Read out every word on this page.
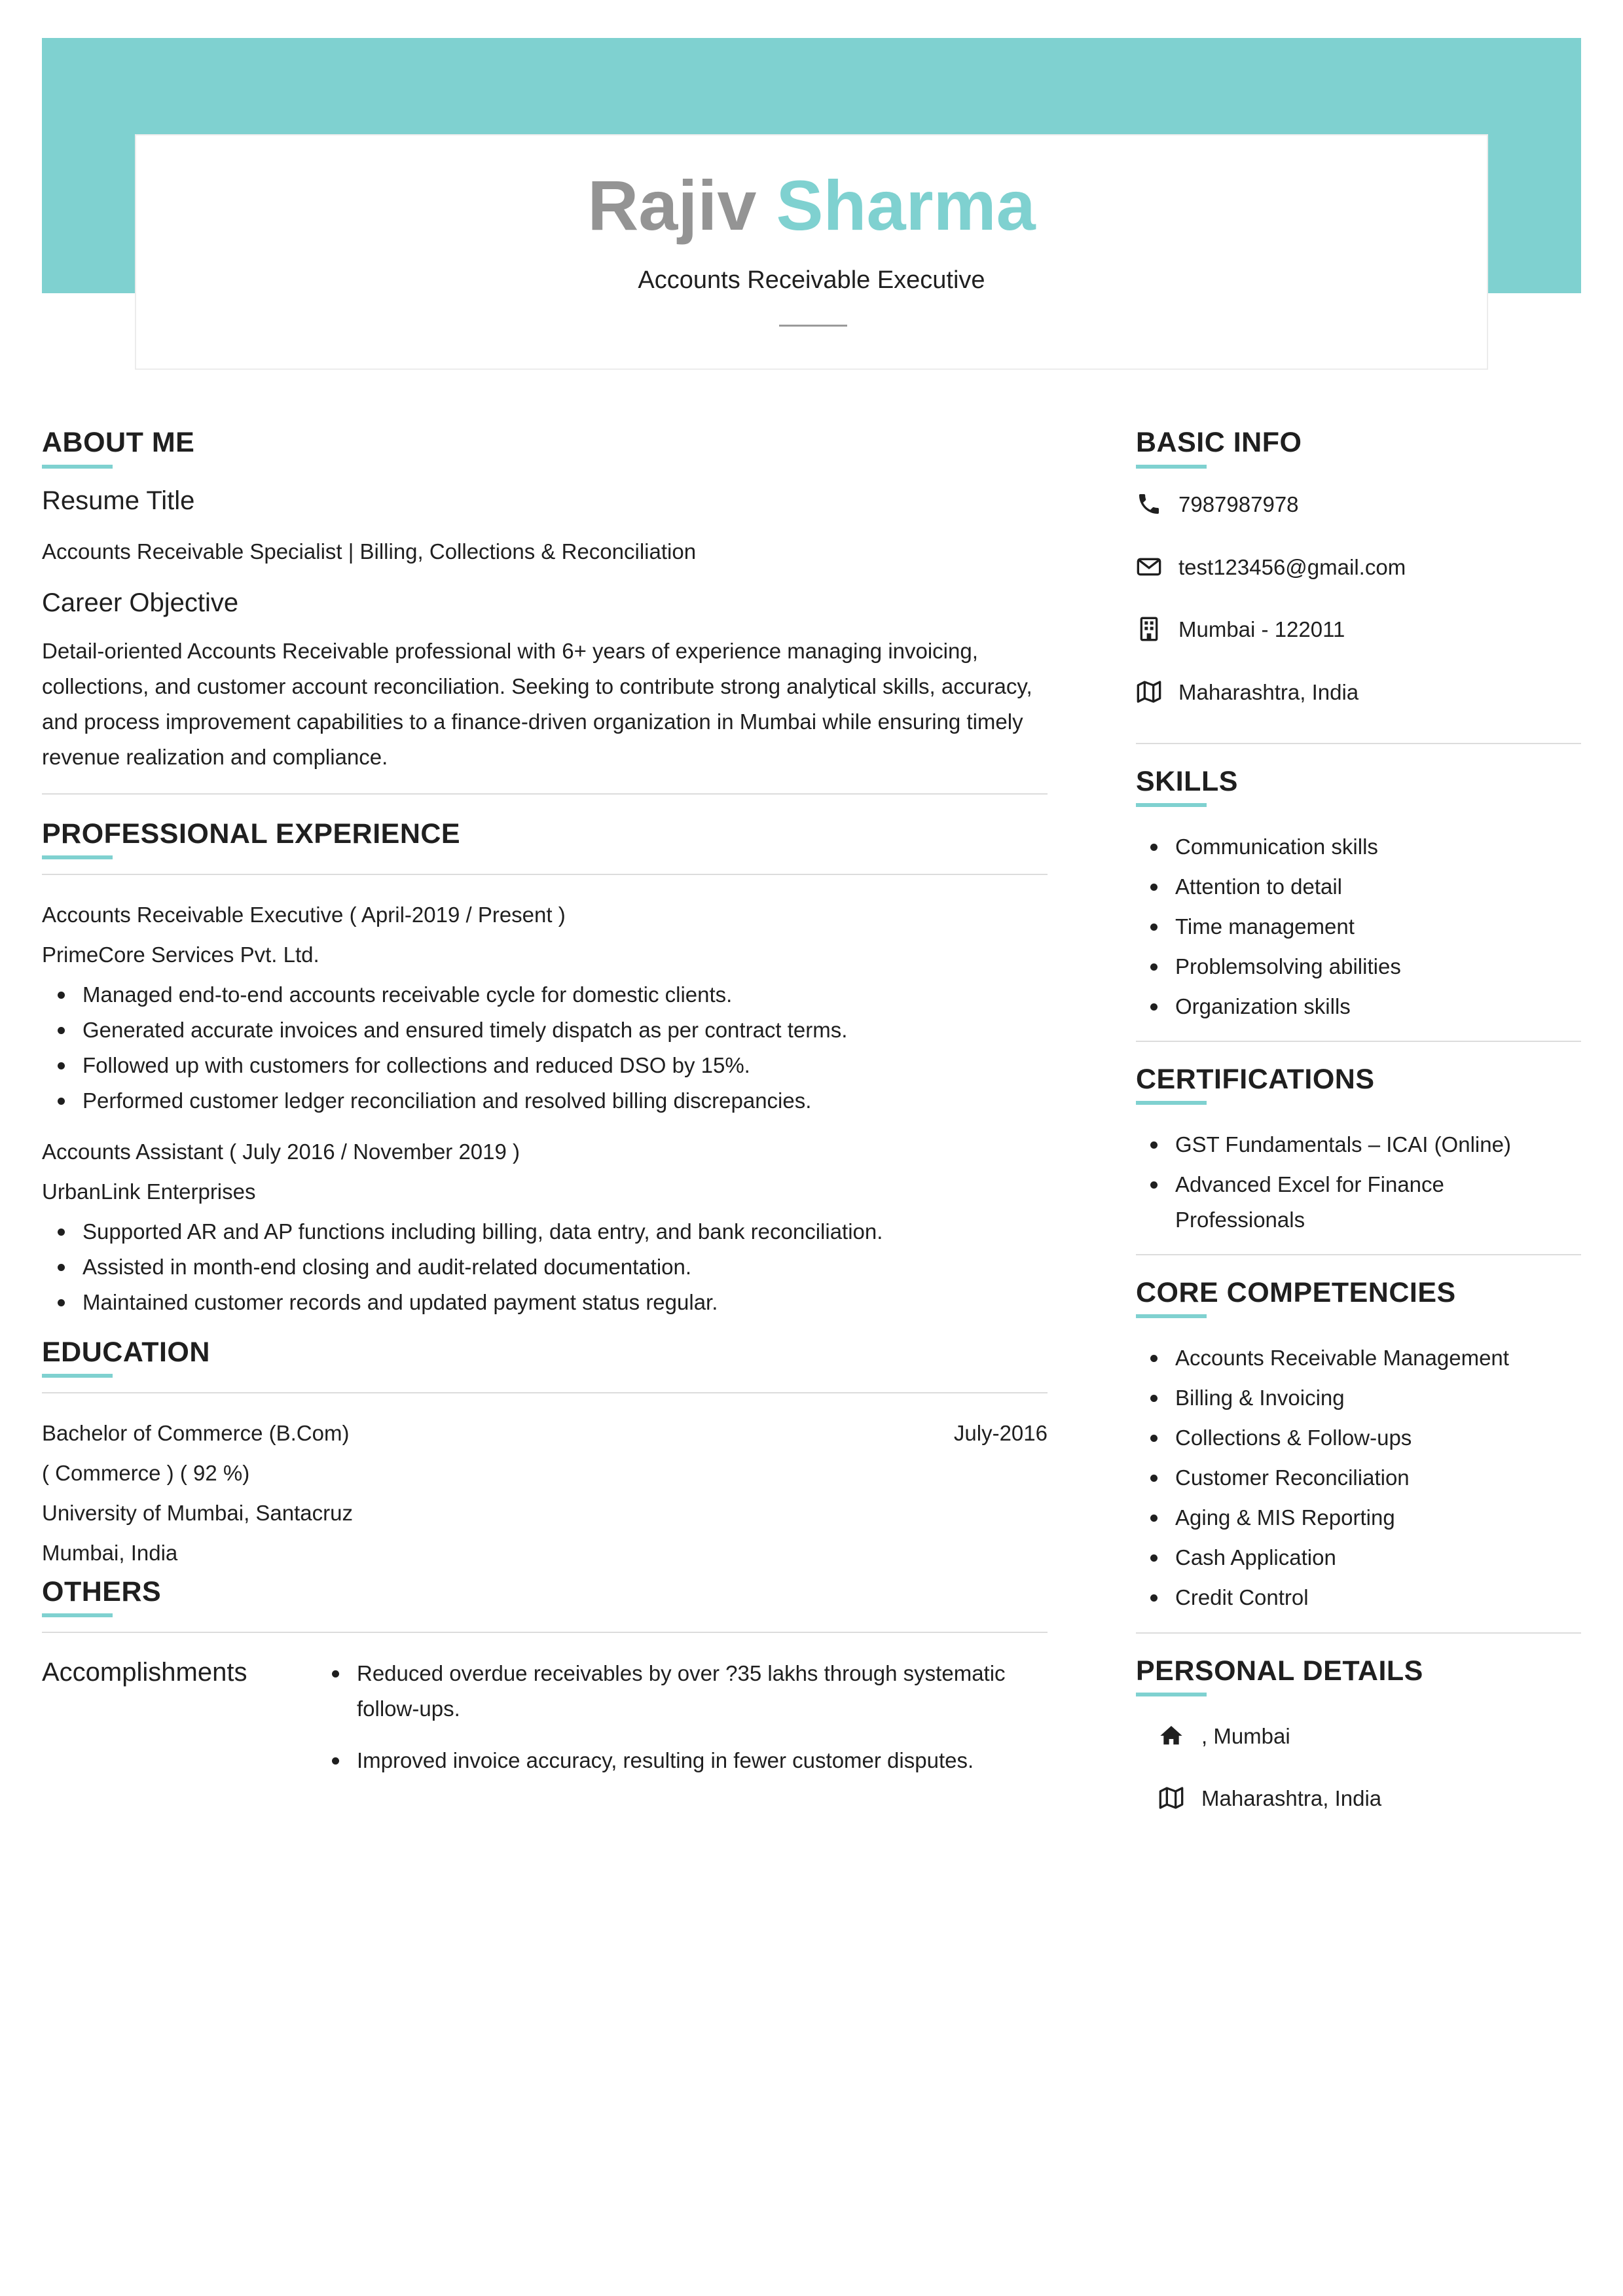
Rajiv Sharma
Accounts Receivable Executive
ABOUT ME
Resume Title
Accounts Receivable Specialist | Billing, Collections & Reconciliation
Career Objective
Detail-oriented Accounts Receivable professional with 6+ years of experience managing invoicing, collections, and customer account reconciliation. Seeking to contribute strong analytical skills, accuracy, and process improvement capabilities to a finance-driven organization in Mumbai while ensuring timely revenue realization and compliance.
PROFESSIONAL EXPERIENCE
Accounts Receivable Executive ( April-2019 / Present )
PrimeCore Services Pvt. Ltd.
Managed end-to-end accounts receivable cycle for domestic clients.
Generated accurate invoices and ensured timely dispatch as per contract terms.
Followed up with customers for collections and reduced DSO by 15%.
Performed customer ledger reconciliation and resolved billing discrepancies.
Accounts Assistant ( July 2016 / November 2019 )
UrbanLink Enterprises
Supported AR and AP functions including billing, data entry, and bank reconciliation.
Assisted in month-end closing and audit-related documentation.
Maintained customer records and updated payment status regular.
EDUCATION
Bachelor of Commerce (B.Com)	July-2016
( Commerce ) ( 92 %)
University of Mumbai, Santacruz
Mumbai, India
OTHERS
Accomplishments	Reduced overdue receivables by over ?35 lakhs through systematic follow-ups.
Improved invoice accuracy, resulting in fewer customer disputes.
BASIC INFO
7987987978
test123456@gmail.com
Mumbai - 122011
Maharashtra, India
SKILLS
Communication skills
Attention to detail
Time management
Problemsolving abilities
Organization skills
CERTIFICATIONS
GST Fundamentals – ICAI (Online)
Advanced Excel for Finance Professionals
CORE COMPETENCIES
Accounts Receivable Management
Billing & Invoicing
Collections & Follow-ups
Customer Reconciliation
Aging & MIS Reporting
Cash Application
Credit Control
PERSONAL DETAILS
, Mumbai
Maharashtra, India
